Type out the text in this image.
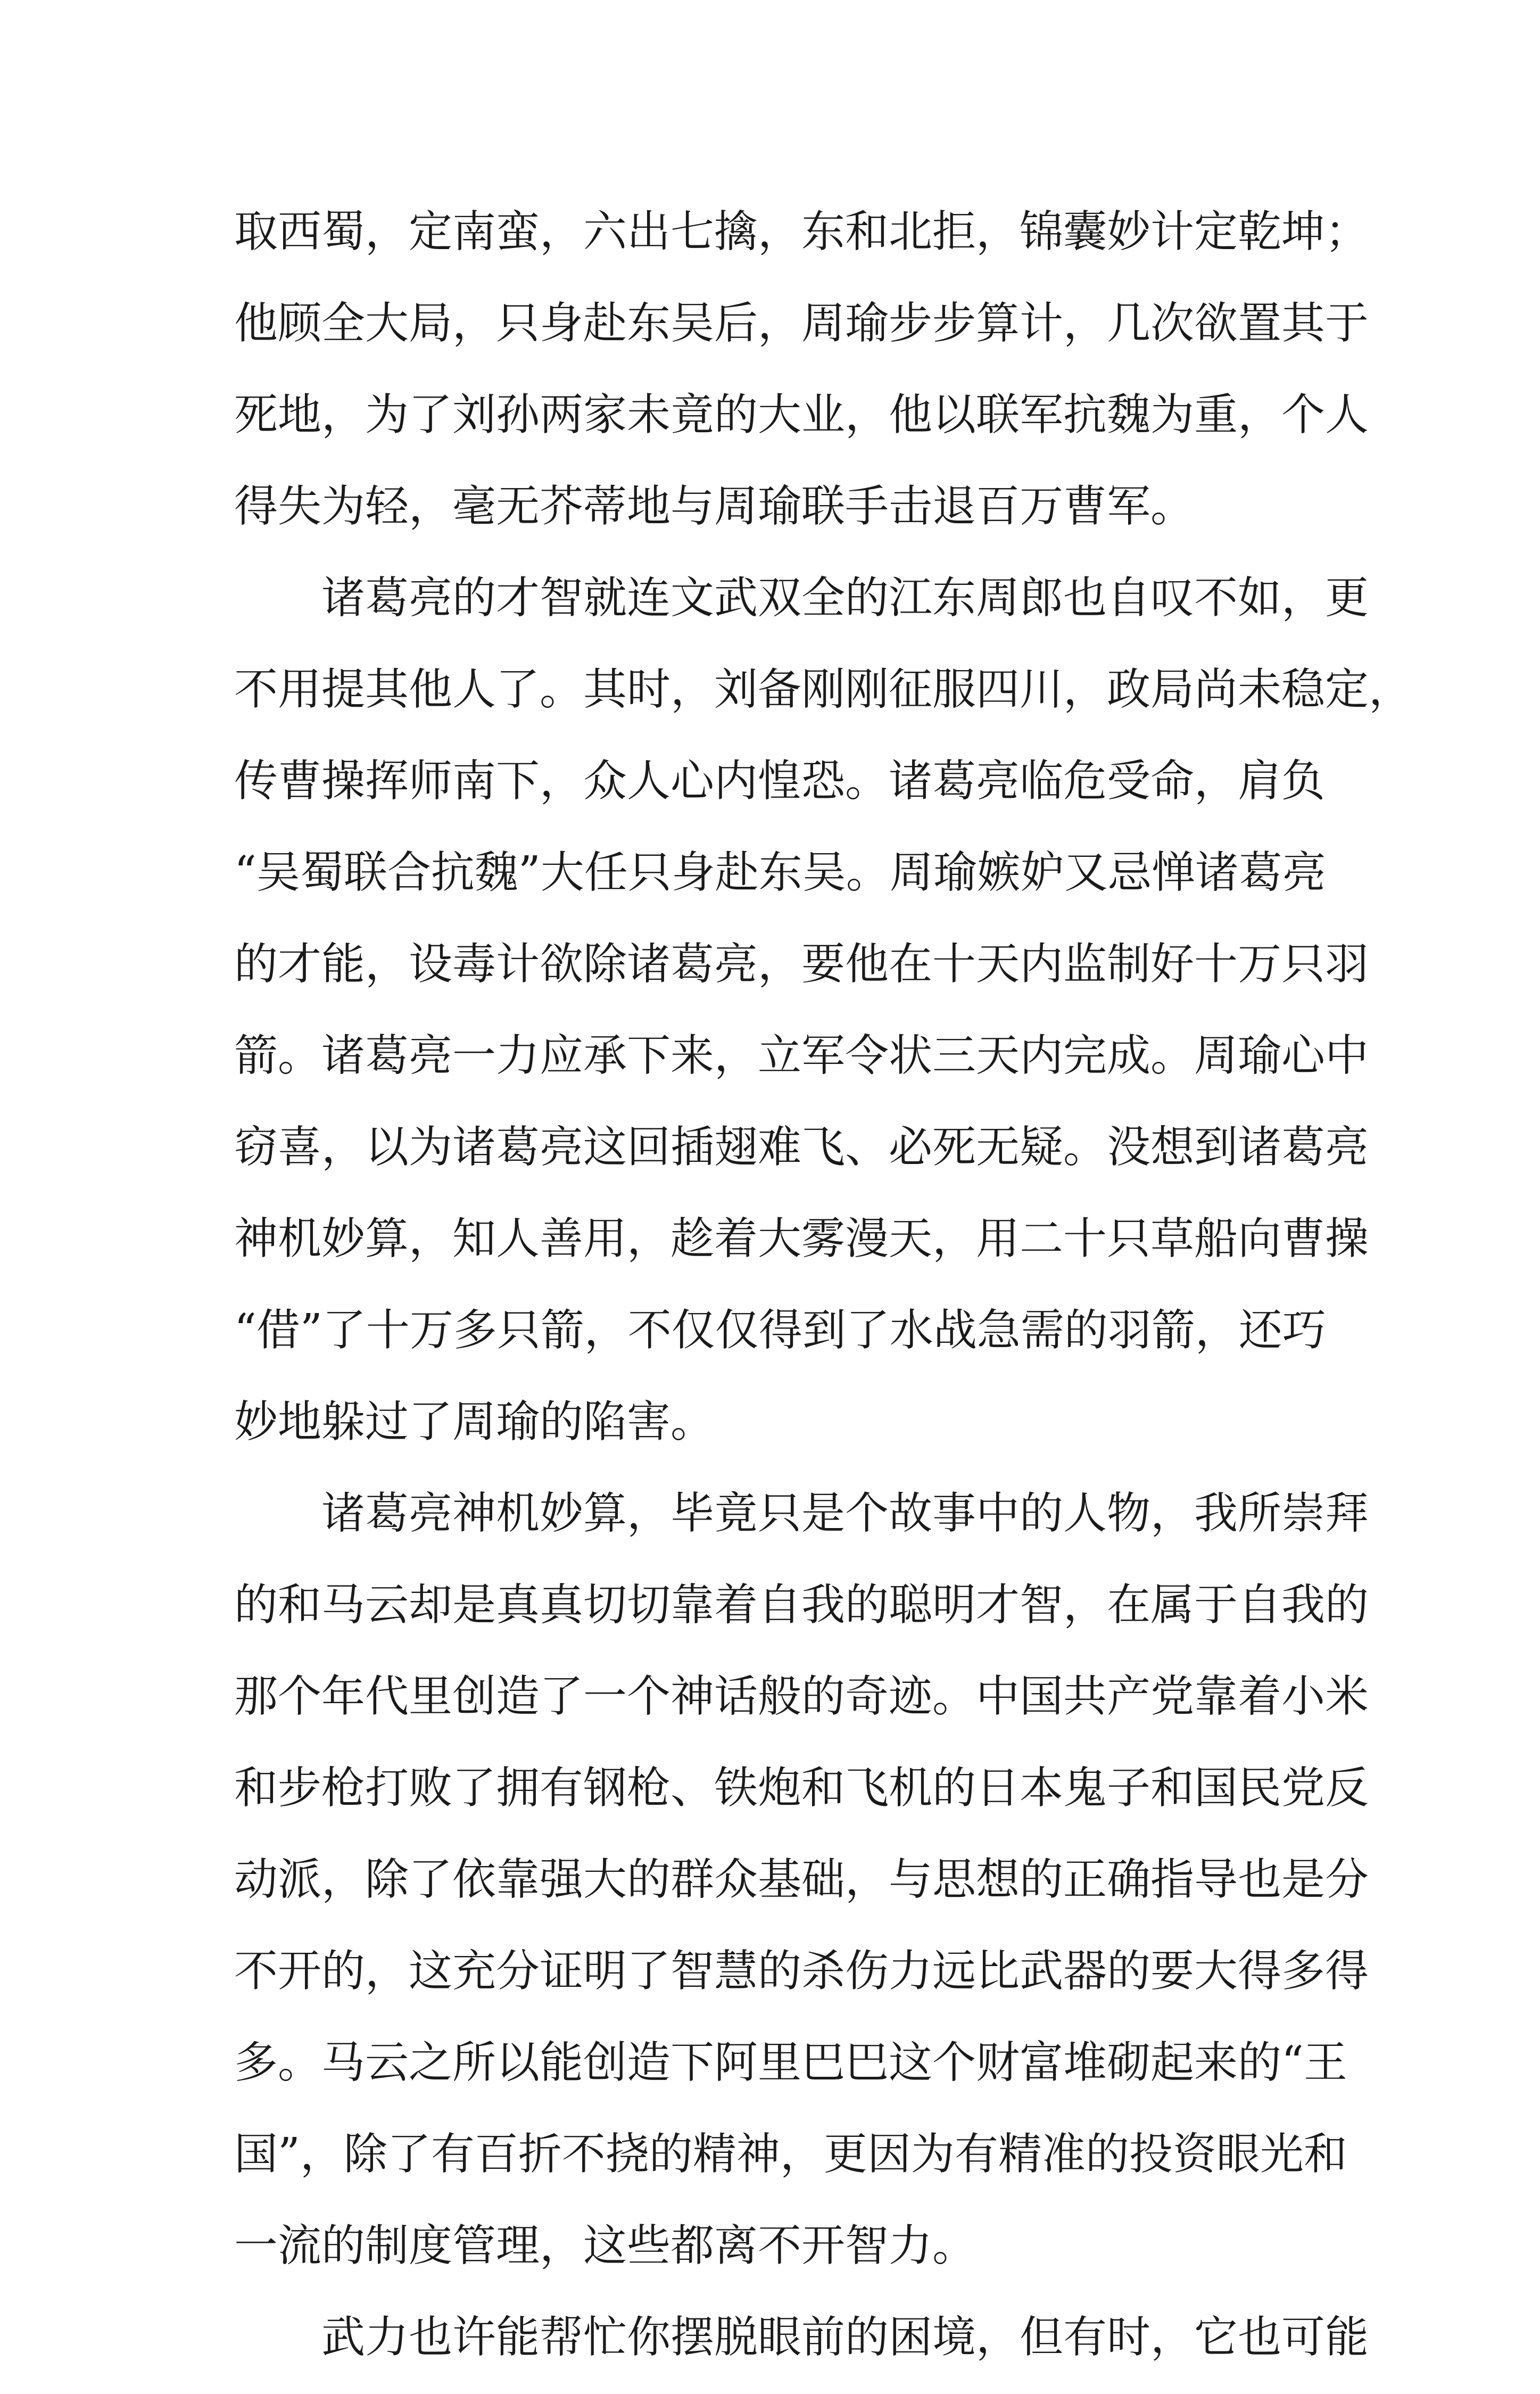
取西蜀，定南蛮，六出七擒，东和北拒，锦囊妙计定乾坤；
他顾全大局，只身赴东吴后，周瑜步步算计，几次欲置其于
死地，为了刘孙两家未竟的大业，他以联军抗魏为重，个人
得失为轻，毫无芥蒂地与周瑜联手击退百万曹军。
诸葛亮的才智就连文武双全的江东周郎也自叹不如，更
不用提其他人了。其时，刘备刚刚征服四川，政局尚未稳定，
传曹操挥师南下，众人心内惶恐。诸葛亮临危受命，肩负
“吴蜀联合抗魏”大任只身赴东吴。周瑜嫉妒又忌惮诸葛亮
的才能，设毒计欲除诸葛亮，要他在十天内监制好十万只羽
箭。诸葛亮一力应承下来，立军令状三天内完成。周瑜心中
窃喜，以为诸葛亮这回插翅难飞、必死无疑。没想到诸葛亮
神机妙算，知人善用，趁着大雾漫天，用二十只草船向曹操
“借”了十万多只箭，不仅仅得到了水战急需的羽箭，还巧
妙地躲过了周瑜的陷害。
诸葛亮神机妙算，毕竟只是个故事中的人物，我所崇拜
的和马云却是真真切切靠着自我的聪明才智，在属于自我的
那个年代里创造了一个神话般的奇迹。中国共产党靠着小米
和步枪打败了拥有钢枪、铁炮和飞机的日本鬼子和国民党反
动派，除了依靠强大的群众基础，与思想的正确指导也是分
不开的，这充分证明了智慧的杀伤力远比武器的要大得多得
多。马云之所以能创造下阿里巴巴这个财富堆砌起来的“王
国”，除了有百折不挠的精神，更因为有精准的投资眼光和
一流的制度管理，这些都离不开智力。
武力也许能帮忙你摆脱眼前的困境，但有时，它也可能
